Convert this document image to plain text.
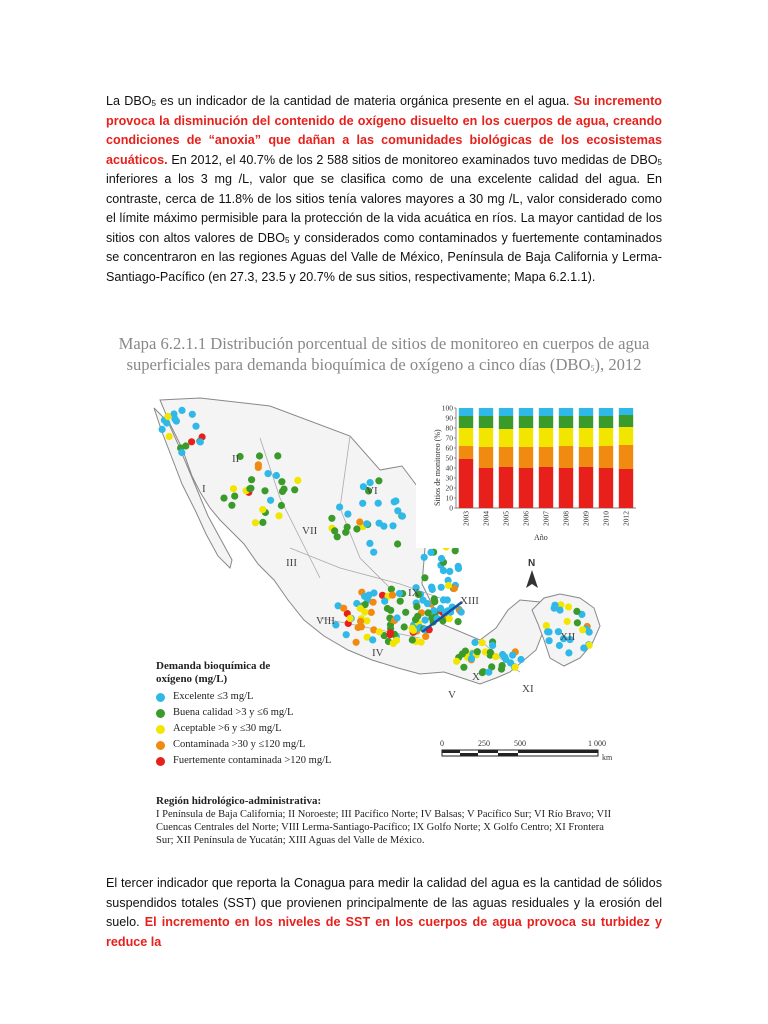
La $DBO_5$ es un indicador de la cantidad de materia orgánica presente en el agua. Su incremento provoca la disminución del contenido de oxígeno disuelto en los cuerpos de agua, creando condiciones de “anoxia” que dañan a las comunidades biológicas de los ecosistemas acuáticos. En 2012, el 40.7% de los 2 588 sitios de monitoreo examinados tuvo medidas de $DBO_5$ inferiores a los 3 mg /L, valor que se clasifica como de una excelente calidad del agua. En contraste, cerca de 11.8% de los sitios tenía valores mayores a 30 mg /L, valor considerado como el límite máximo permisible para la protección de la vida acuática en ríos. La mayor cantidad de los sitios con altos valores de $DBO_5$ y considerados como contaminados y fuertemente contaminados se concentraron en las regiones Aguas del Valle de México, Península de Baja California y Lerma-Santiago-Pacífico (en 27.3, 23.5 y 20.7% de sus sitios, respectivamente; Mapa 6.2.1.1).
Mapa 6.2.1.1 Distribución porcentual de sitios de monitoreo en cuerpos de agua superficiales para demanda bioquímica de oxígeno a cinco días $(DBO_5)$, 2012
I
II
III
IV
V
VI
VII
VIII
IX
X
XI
XII
XIII
N
0
10
20
30
40
50
60
70
80
90
100
2003 2004 2005 2006 2007 2008 2009 2010 2012
Sitios de monitoreo (%)
Año
Demanda bioquímica de
oxígeno (mg/L)
Excelente ≤3 mg/L
Buena calidad >3 y ≤6 mg/L
Aceptable >6 y ≤30 mg/L
Contaminada >30 y ≤120 mg/L
Fuertemente contaminada >120 mg/L
0	250	500	1 000
km
Región hidrológico-administrativa:
I Península de Baja California; II Noroeste; III Pacífico Norte; IV Balsas; V Pacífico Sur; VI Río Bravo; VII Cuencas Centrales del Norte; VIII Lerma-Santiago-Pacífico; IX Golfo Norte; X Golfo Centro; XI Frontera Sur; XII Península de Yucatán; XIII Aguas del Valle de México.
El tercer indicador que reporta la Conagua para medir la calidad del agua es la cantidad de sólidos suspendidos totales (SST) que provienen principalmente de las aguas residuales y la erosión del suelo. El incremento en los niveles de SST en los cuerpos de agua provoca su turbidez y reduce la
